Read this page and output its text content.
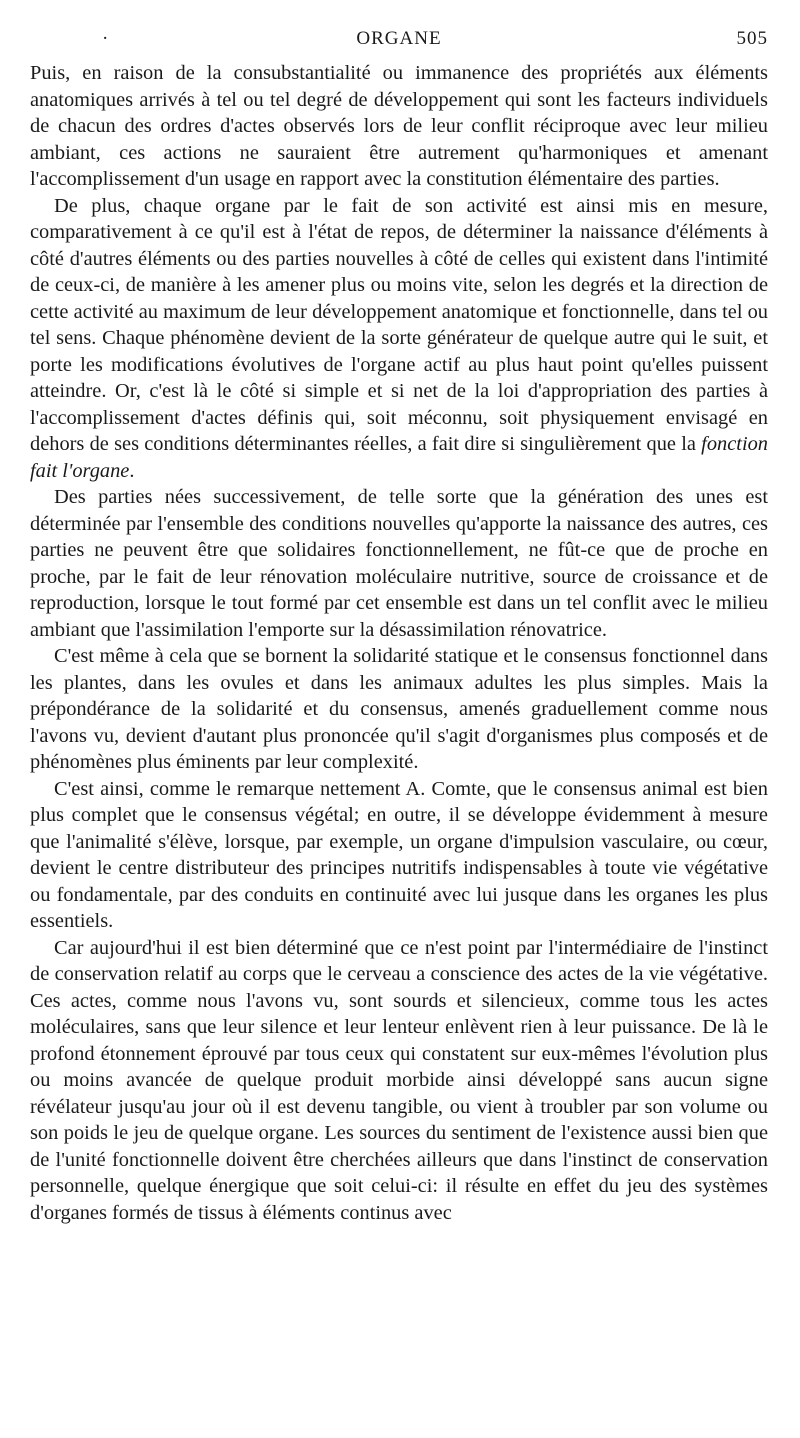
·	ORGANE	505

Puis, en raison de la consubstantialité ou immanence des propriétés aux éléments anatomiques arrivés à tel ou tel degré de développement qui sont les facteurs individuels de chacun des ordres d'actes observés lors de leur conflit réciproque avec leur milieu ambiant, ces actions ne sauraient être autrement qu'harmoniques et amenant l'accomplissement d'un usage en rapport avec la constitution élémentaire des parties.

De plus, chaque organe par le fait de son activité est ainsi mis en mesure, comparativement à ce qu'il est à l'état de repos, de déterminer la naissance d'éléments à côté d'autres éléments ou des parties nouvelles à côté de celles qui existent dans l'intimité de ceux-ci, de manière à les amener plus ou moins vite, selon les degrés et la direction de cette activité au maximum de leur développement anatomique et fonctionnelle, dans tel ou tel sens. Chaque phénomène devient de la sorte générateur de quelque autre qui le suit, et porte les modifications évolutives de l'organe actif au plus haut point qu'elles puissent atteindre. Or, c'est là le côté si simple et si net de la loi d'appropriation des parties à l'accomplissement d'actes définis qui, soit méconnu, soit physiquement envisagé en dehors de ses conditions déterminantes réelles, a fait dire si singulièrement que la fonction fait l'organe.

Des parties nées successivement, de telle sorte que la génération des unes est déterminée par l'ensemble des conditions nouvelles qu'apporte la naissance des autres, ces parties ne peuvent être que solidaires fonctionnellement, ne fût-ce que de proche en proche, par le fait de leur rénovation moléculaire nutritive, source de croissance et de reproduction, lorsque le tout formé par cet ensemble est dans un tel conflit avec le milieu ambiant que l'assimilation l'emporte sur la désassimilation rénovatrice.

C'est même à cela que se bornent la solidarité statique et le consensus fonctionnel dans les plantes, dans les ovules et dans les animaux adultes les plus simples. Mais la prépondérance de la solidarité et du consensus, amenés graduellement comme nous l'avons vu, devient d'autant plus prononcée qu'il s'agit d'organismes plus composés et de phénomènes plus éminents par leur complexité.

C'est ainsi, comme le remarque nettement A. Comte, que le consensus animal est bien plus complet que le consensus végétal; en outre, il se développe évidemment à mesure que l'animalité s'élève, lorsque, par exemple, un organe d'impulsion vasculaire, ou cœur, devient le centre distributeur des principes nutritifs indispensables à toute vie végétative ou fondamentale, par des conduits en continuité avec lui jusque dans les organes les plus essentiels.

Car aujourd'hui il est bien déterminé que ce n'est point par l'intermédiaire de l'instinct de conservation relatif au corps que le cerveau a conscience des actes de la vie végétative. Ces actes, comme nous l'avons vu, sont sourds et silencieux, comme tous les actes moléculaires, sans que leur silence et leur lenteur enlèvent rien à leur puissance. De là le profond étonnement éprouvé par tous ceux qui constatent sur eux-mêmes l'évolution plus ou moins avancée de quelque produit morbide ainsi développé sans aucun signe révélateur jusqu'au jour où il est devenu tangible, ou vient à troubler par son volume ou son poids le jeu de quelque organe. Les sources du sentiment de l'existence aussi bien que de l'unité fonctionnelle doivent être cherchées ailleurs que dans l'instinct de conservation personnelle, quelque énergique que soit celui-ci: il résulte en effet du jeu des systèmes d'organes formés de tissus à éléments continus avec
